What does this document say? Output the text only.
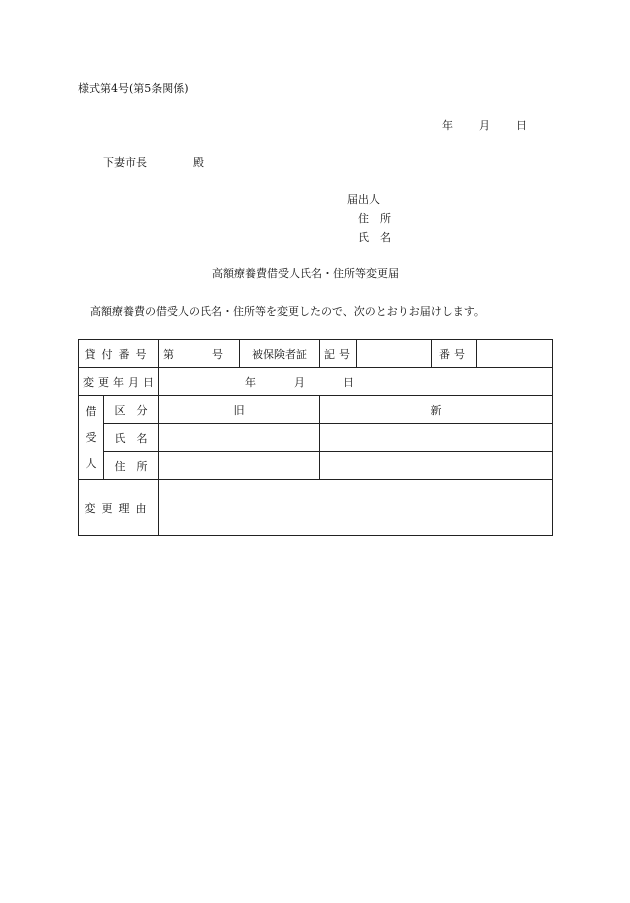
様式第4号(第5条関係)
年 月 日
下妻市長	殿
届出人
住　所
氏　名
高額療養費借受人氏名・住所等変更届
高額療養費の借受人の氏名・住所等を変更したので、次のとおりお届けします。
貸付番号		第 号	被保険者証	記号		番号	
変更年月日		年 月 日					
借
受
人	区　分	旧		新			
	氏　名						
	住　所						
変更理由							
